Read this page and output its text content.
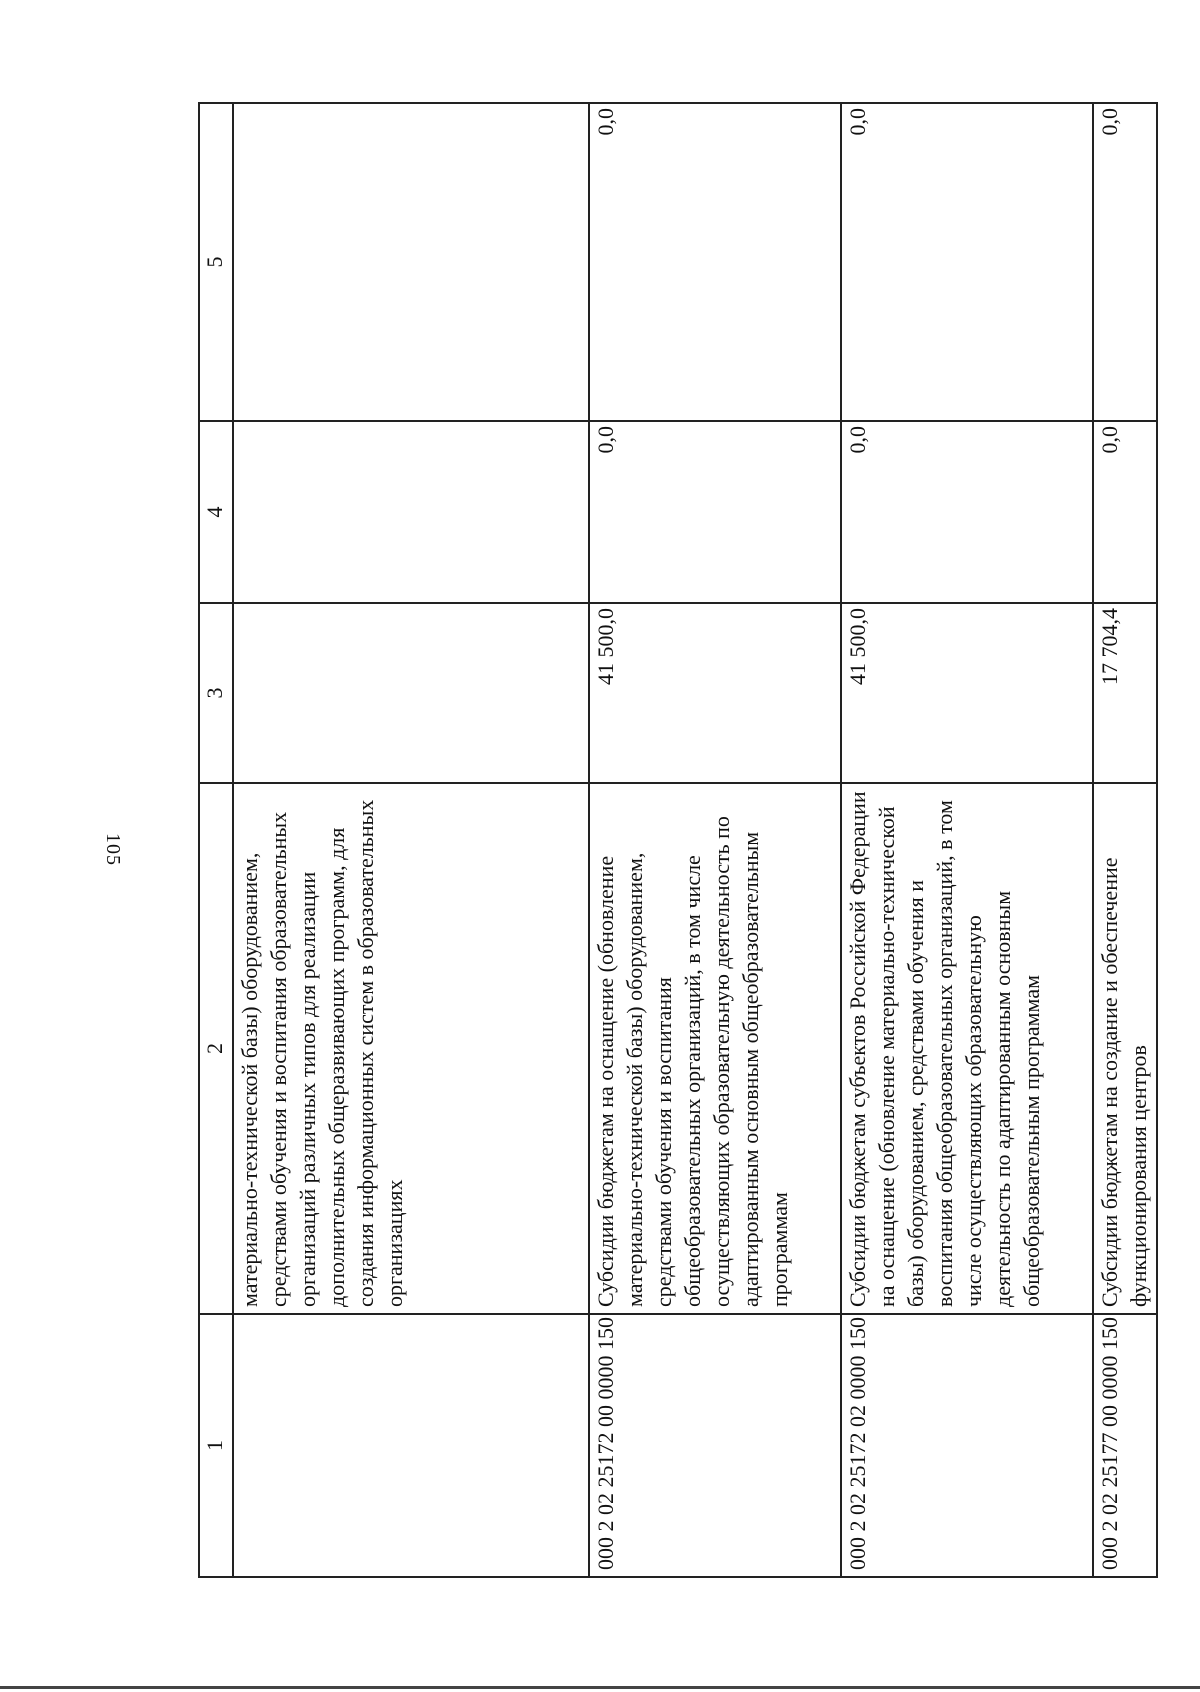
105
1	2	3	4	5
	материально-технической базы) оборудованием, средствами обучения и воспитания образовательных организаций различных типов для реализации дополнительных общеразвивающих программ, для создания информационных систем в образовательных организациях			
000 2 02 25172 00 0000 150	Субсидии бюджетам на оснащение (обновление материально-технической базы) оборудованием, средствами обучения и воспитания общеобразовательных организаций, в том числе осуществляющих образовательную деятельность по адаптированным основным общеобразовательным программам	41 500,0	0,0	0,0
000 2 02 25172 02 0000 150	Субсидии бюджетам субъектов Российской Федерации на оснащение (обновление материально-технической базы) оборудованием, средствами обучения и воспитания общеобразовательных организаций, в том числе осуществляющих образовательную деятельность по адаптированным основным общеобразовательным программам	41 500,0	0,0	0,0
000 2 02 25177 00 0000 150	Субсидии бюджетам на создание и обеспечение функционирования центров	17 704,4	0,0	0,0
